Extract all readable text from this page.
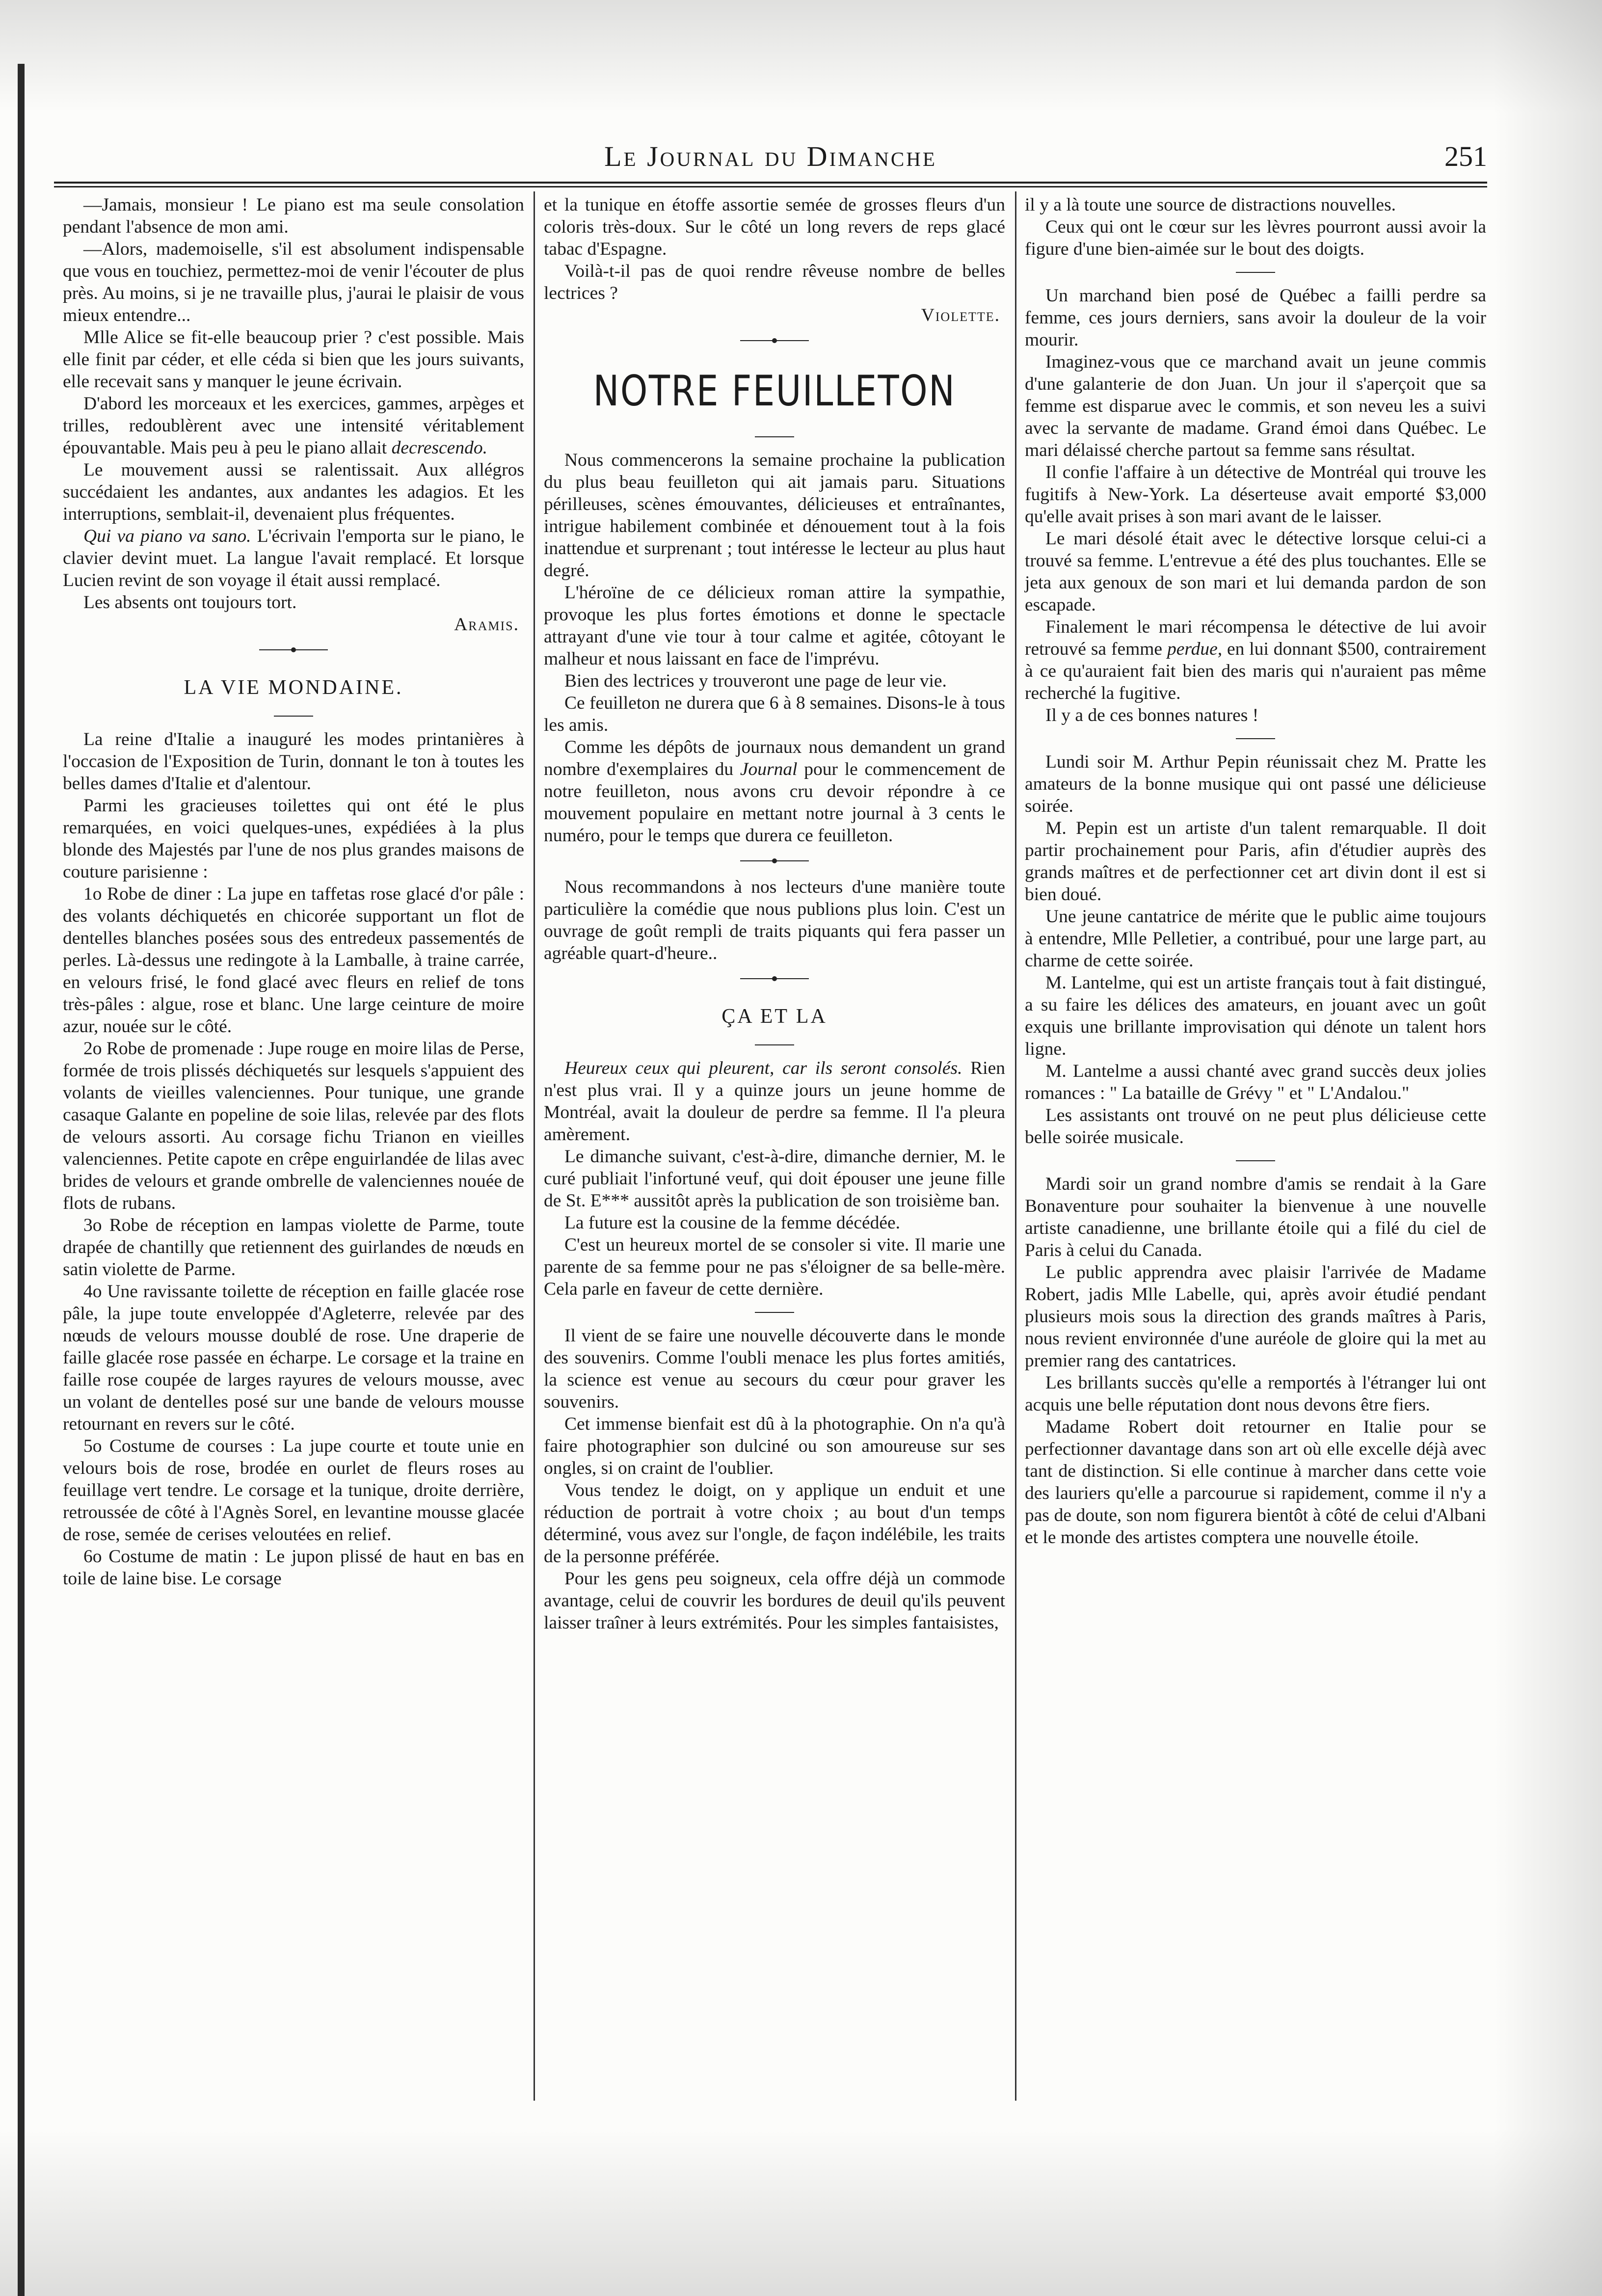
Le Journal du Dimanche	251

—Jamais, monsieur ! Le piano est ma seule consolation pendant l'absence de mon ami.

—Alors, mademoiselle, s'il est absolument indispensable que vous en touchiez, permettez-moi de venir l'écouter de plus près. Au moins, si je ne travaille plus, j'aurai le plaisir de vous mieux entendre...

Mlle Alice se fit-elle beaucoup prier ? c'est possible. Mais elle finit par céder, et elle céda si bien que les jours suivants, elle recevait sans y manquer le jeune écrivain.

D'abord les morceaux et les exercices, gammes, arpèges et trilles, redoublèrent avec une intensité véritablement épouvantable. Mais peu à peu le piano allait decrescendo.

Le mouvement aussi se ralentissait. Aux allégros succédaient les andantes, aux andantes les adagios. Et les interruptions, semblait-il, devenaient plus fréquentes.

Qui va piano va sano. L'écrivain l'emporta sur le piano, le clavier devint muet. La langue l'avait remplacé. Et lorsque Lucien revint de son voyage il était aussi remplacé.

Les absents ont toujours tort.

Aramis.
LA VIE MONDAINE.

La reine d'Italie a inauguré les modes printanières à l'occasion de l'Exposition de Turin, donnant le ton à toutes les belles dames d'Italie et d'alentour.

Parmi les gracieuses toilettes qui ont été le plus remarquées, en voici quelques-unes, expédiées à la plus blonde des Majestés par l'une de nos plus grandes maisons de couture parisienne :

1o Robe de diner : La jupe en taffetas rose glacé d'or pâle : des volants déchiquetés en chicorée supportant un flot de dentelles blanches posées sous des entredeux passementés de perles. Là-dessus une redingote à la Lamballe, à traine carrée, en velours frisé, le fond glacé avec fleurs en relief de tons très-pâles : algue, rose et blanc. Une large ceinture de moire azur, nouée sur le côté.

2o Robe de promenade : Jupe rouge en moire lilas de Perse, formée de trois plissés déchiquetés sur lesquels s'appuient des volants de vieilles valenciennes. Pour tunique, une grande casaque Galante en popeline de soie lilas, relevée par des flots de velours assorti. Au corsage fichu Trianon en vieilles valenciennes. Petite capote en crêpe enguirlandée de lilas avec brides de velours et grande ombrelle de valenciennes nouée de flots de rubans.

3o Robe de réception en lampas violette de Parme, toute drapée de chantilly que retiennent des guirlandes de nœuds en satin violette de Parme.

4o Une ravissante toilette de réception en faille glacée rose pâle, la jupe toute enveloppée d'Agleterre, relevée par des nœuds de velours mousse doublé de rose. Une draperie de faille glacée rose passée en écharpe. Le corsage et la traine en faille rose coupée de larges rayures de velours mousse, avec un volant de dentelles posé sur une bande de velours mousse retournant en revers sur le côté.

5o Costume de courses : La jupe courte et toute unie en velours bois de rose, brodée en ourlet de fleurs roses au feuillage vert tendre. Le corsage et la tunique, droite derrière, retroussée de côté à l'Agnès Sorel, en levantine mousse glacée de rose, semée de cerises veloutées en relief.

6o Costume de matin : Le jupon plissé de haut en bas en toile de laine bise. Le corsage

et la tunique en étoffe assortie semée de grosses fleurs d'un coloris très-doux. Sur le côté un long revers de reps glacé tabac d'Espagne.

Voilà-t-il pas de quoi rendre rêveuse nombre de belles lectrices ?

Violette.
NOTRE FEUILLETON

Nous commencerons la semaine prochaine la publication du plus beau feuilleton qui ait jamais paru. Situations périlleuses, scènes émouvantes, délicieuses et entraînantes, intrigue habilement combinée et dénouement tout à la fois inattendue et surprenant ; tout intéresse le lecteur au plus haut degré.

L'héroïne de ce délicieux roman attire la sympathie, provoque les plus fortes émotions et donne le spectacle attrayant d'une vie tour à tour calme et agitée, côtoyant le malheur et nous laissant en face de l'imprévu.

Bien des lectrices y trouveront une page de leur vie.

Ce feuilleton ne durera que 6 à 8 semaines. Disons-le à tous les amis.

Comme les dépôts de journaux nous demandent un grand nombre d'exemplaires du Journal pour le commencement de notre feuilleton, nous avons cru devoir répondre à ce mouvement populaire en mettant notre journal à 3 cents le numéro, pour le temps que durera ce feuilleton.

Nous recommandons à nos lecteurs d'une manière toute particulière la comédie que nous publions plus loin. C'est un ouvrage de goût rempli de traits piquants qui fera passer un agréable quart-d'heure..

ÇA ET LA

Heureux ceux qui pleurent, car ils seront consolés. Rien n'est plus vrai. Il y a quinze jours un jeune homme de Montréal, avait la douleur de perdre sa femme. Il l'a pleura amèrement.

Le dimanche suivant, c'est-à-dire, dimanche dernier, M. le curé publiait l'infortuné veuf, qui doit épouser une jeune fille de St. E*** aussitôt après la publication de son troisième ban.

La future est la cousine de la femme décédée.

C'est un heureux mortel de se consoler si vite. Il marie une parente de sa femme pour ne pas s'éloigner de sa belle-mère. Cela parle en faveur de cette dernière.

Il vient de se faire une nouvelle découverte dans le monde des souvenirs. Comme l'oubli menace les plus fortes amitiés, la science est venue au secours du cœur pour graver les souvenirs.

Cet immense bienfait est dû à la photographie. On n'a qu'à faire photographier son dulciné ou son amoureuse sur ses ongles, si on craint de l'oublier.

Vous tendez le doigt, on y applique un enduit et une réduction de portrait à votre choix ; au bout d'un temps déterminé, vous avez sur l'ongle, de façon indélébile, les traits de la personne préférée.

Pour les gens peu soigneux, cela offre déjà un commode avantage, celui de couvrir les bordures de deuil qu'ils peuvent laisser traîner à leurs extrémités. Pour les simples fantaisistes,

il y a là toute une source de distractions nouvelles.

Ceux qui ont le cœur sur les lèvres pourront aussi avoir la figure d'une bien-aimée sur le bout des doigts.

Un marchand bien posé de Québec a failli perdre sa femme, ces jours derniers, sans avoir la douleur de la voir mourir.

Imaginez-vous que ce marchand avait un jeune commis d'une galanterie de don Juan. Un jour il s'aperçoit que sa femme est disparue avec le commis, et son neveu les a suivi avec la servante de madame. Grand émoi dans Québec. Le mari délaissé cherche partout sa femme sans résultat.

Il confie l'affaire à un détective de Montréal qui trouve les fugitifs à New-York. La déserteuse avait emporté $3,000 qu'elle avait prises à son mari avant de le laisser.

Le mari désolé était avec le détective lorsque celui-ci a trouvé sa femme. L'entrevue a été des plus touchantes. Elle se jeta aux genoux de son mari et lui demanda pardon de son escapade.

Finalement le mari récompensa le détective de lui avoir retrouvé sa femme perdue, en lui donnant $500, contrairement à ce qu'auraient fait bien des maris qui n'auraient pas même recherché la fugitive.

Il y a de ces bonnes natures !

Lundi soir M. Arthur Pepin réunissait chez M. Pratte les amateurs de la bonne musique qui ont passé une délicieuse soirée.

M. Pepin est un artiste d'un talent remarquable. Il doit partir prochainement pour Paris, afin d'étudier auprès des grands maîtres et de perfectionner cet art divin dont il est si bien doué.

Une jeune cantatrice de mérite que le public aime toujours à entendre, Mlle Pelletier, a contribué, pour une large part, au charme de cette soirée.

M. Lantelme, qui est un artiste français tout à fait distingué, a su faire les délices des amateurs, en jouant avec un goût exquis une brillante improvisation qui dénote un talent hors ligne.

M. Lantelme a aussi chanté avec grand succès deux jolies romances : " La bataille de Grévy " et " L'Andalou."

Les assistants ont trouvé on ne peut plus délicieuse cette belle soirée musicale.

Mardi soir un grand nombre d'amis se rendait à la Gare Bonaventure pour souhaiter la bienvenue à une nouvelle artiste canadienne, une brillante étoile qui a filé du ciel de Paris à celui du Canada.

Le public apprendra avec plaisir l'arrivée de Madame Robert, jadis Mlle Labelle, qui, après avoir étudié pendant plusieurs mois sous la direction des grands maîtres à Paris, nous revient environnée d'une auréole de gloire qui la met au premier rang des cantatrices.

Les brillants succès qu'elle a remportés à l'étranger lui ont acquis une belle réputation dont nous devons être fiers.

Madame Robert doit retourner en Italie pour se perfectionner davantage dans son art où elle excelle déjà avec tant de distinction. Si elle continue à marcher dans cette voie des lauriers qu'elle a parcourue si rapidement, comme il n'y a pas de doute, son nom figurera bientôt à côté de celui d'Albani et le monde des artistes comptera une nouvelle étoile.
